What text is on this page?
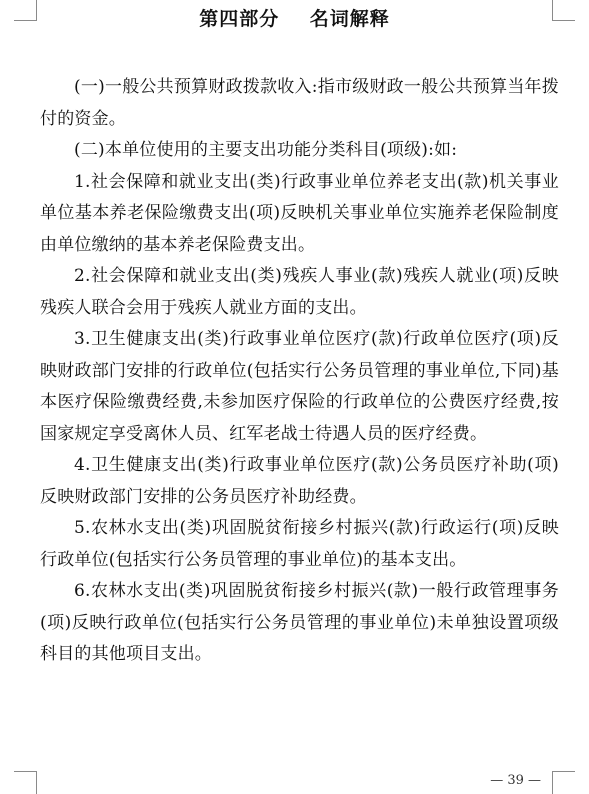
第四部分    名词解释

(一)一般公共预算财政拨款收入:指市级财政一般公共预算当年拨付的资金。

(二)本单位使用的主要支出功能分类科目(项级):如:

1.社会保障和就业支出(类)行政事业单位养老支出(款)机关事业单位基本养老保险缴费支出(项)反映机关事业单位实施养老保险制度由单位缴纳的基本养老保险费支出。

2.社会保障和就业支出(类)残疾人事业(款)残疾人就业(项)反映残疾人联合会用于残疾人就业方面的支出。

3.卫生健康支出(类)行政事业单位医疗(款)行政单位医疗(项)反映财政部门安排的行政单位(包括实行公务员管理的事业单位,下同)基本医疗保险缴费经费,未参加医疗保险的行政单位的公费医疗经费,按国家规定享受离休人员、红军老战士待遇人员的医疗经费。

4.卫生健康支出(类)行政事业单位医疗(款)公务员医疗补助(项)反映财政部门安排的公务员医疗补助经费。

5.农林水支出(类)巩固脱贫衔接乡村振兴(款)行政运行(项)反映行政单位(包括实行公务员管理的事业单位)的基本支出。

6.农林水支出(类)巩固脱贫衔接乡村振兴(款)一般行政管理事务(项)反映行政单位(包括实行公务员管理的事业单位)未单独设置项级科目的其他项目支出。

— 39 —
